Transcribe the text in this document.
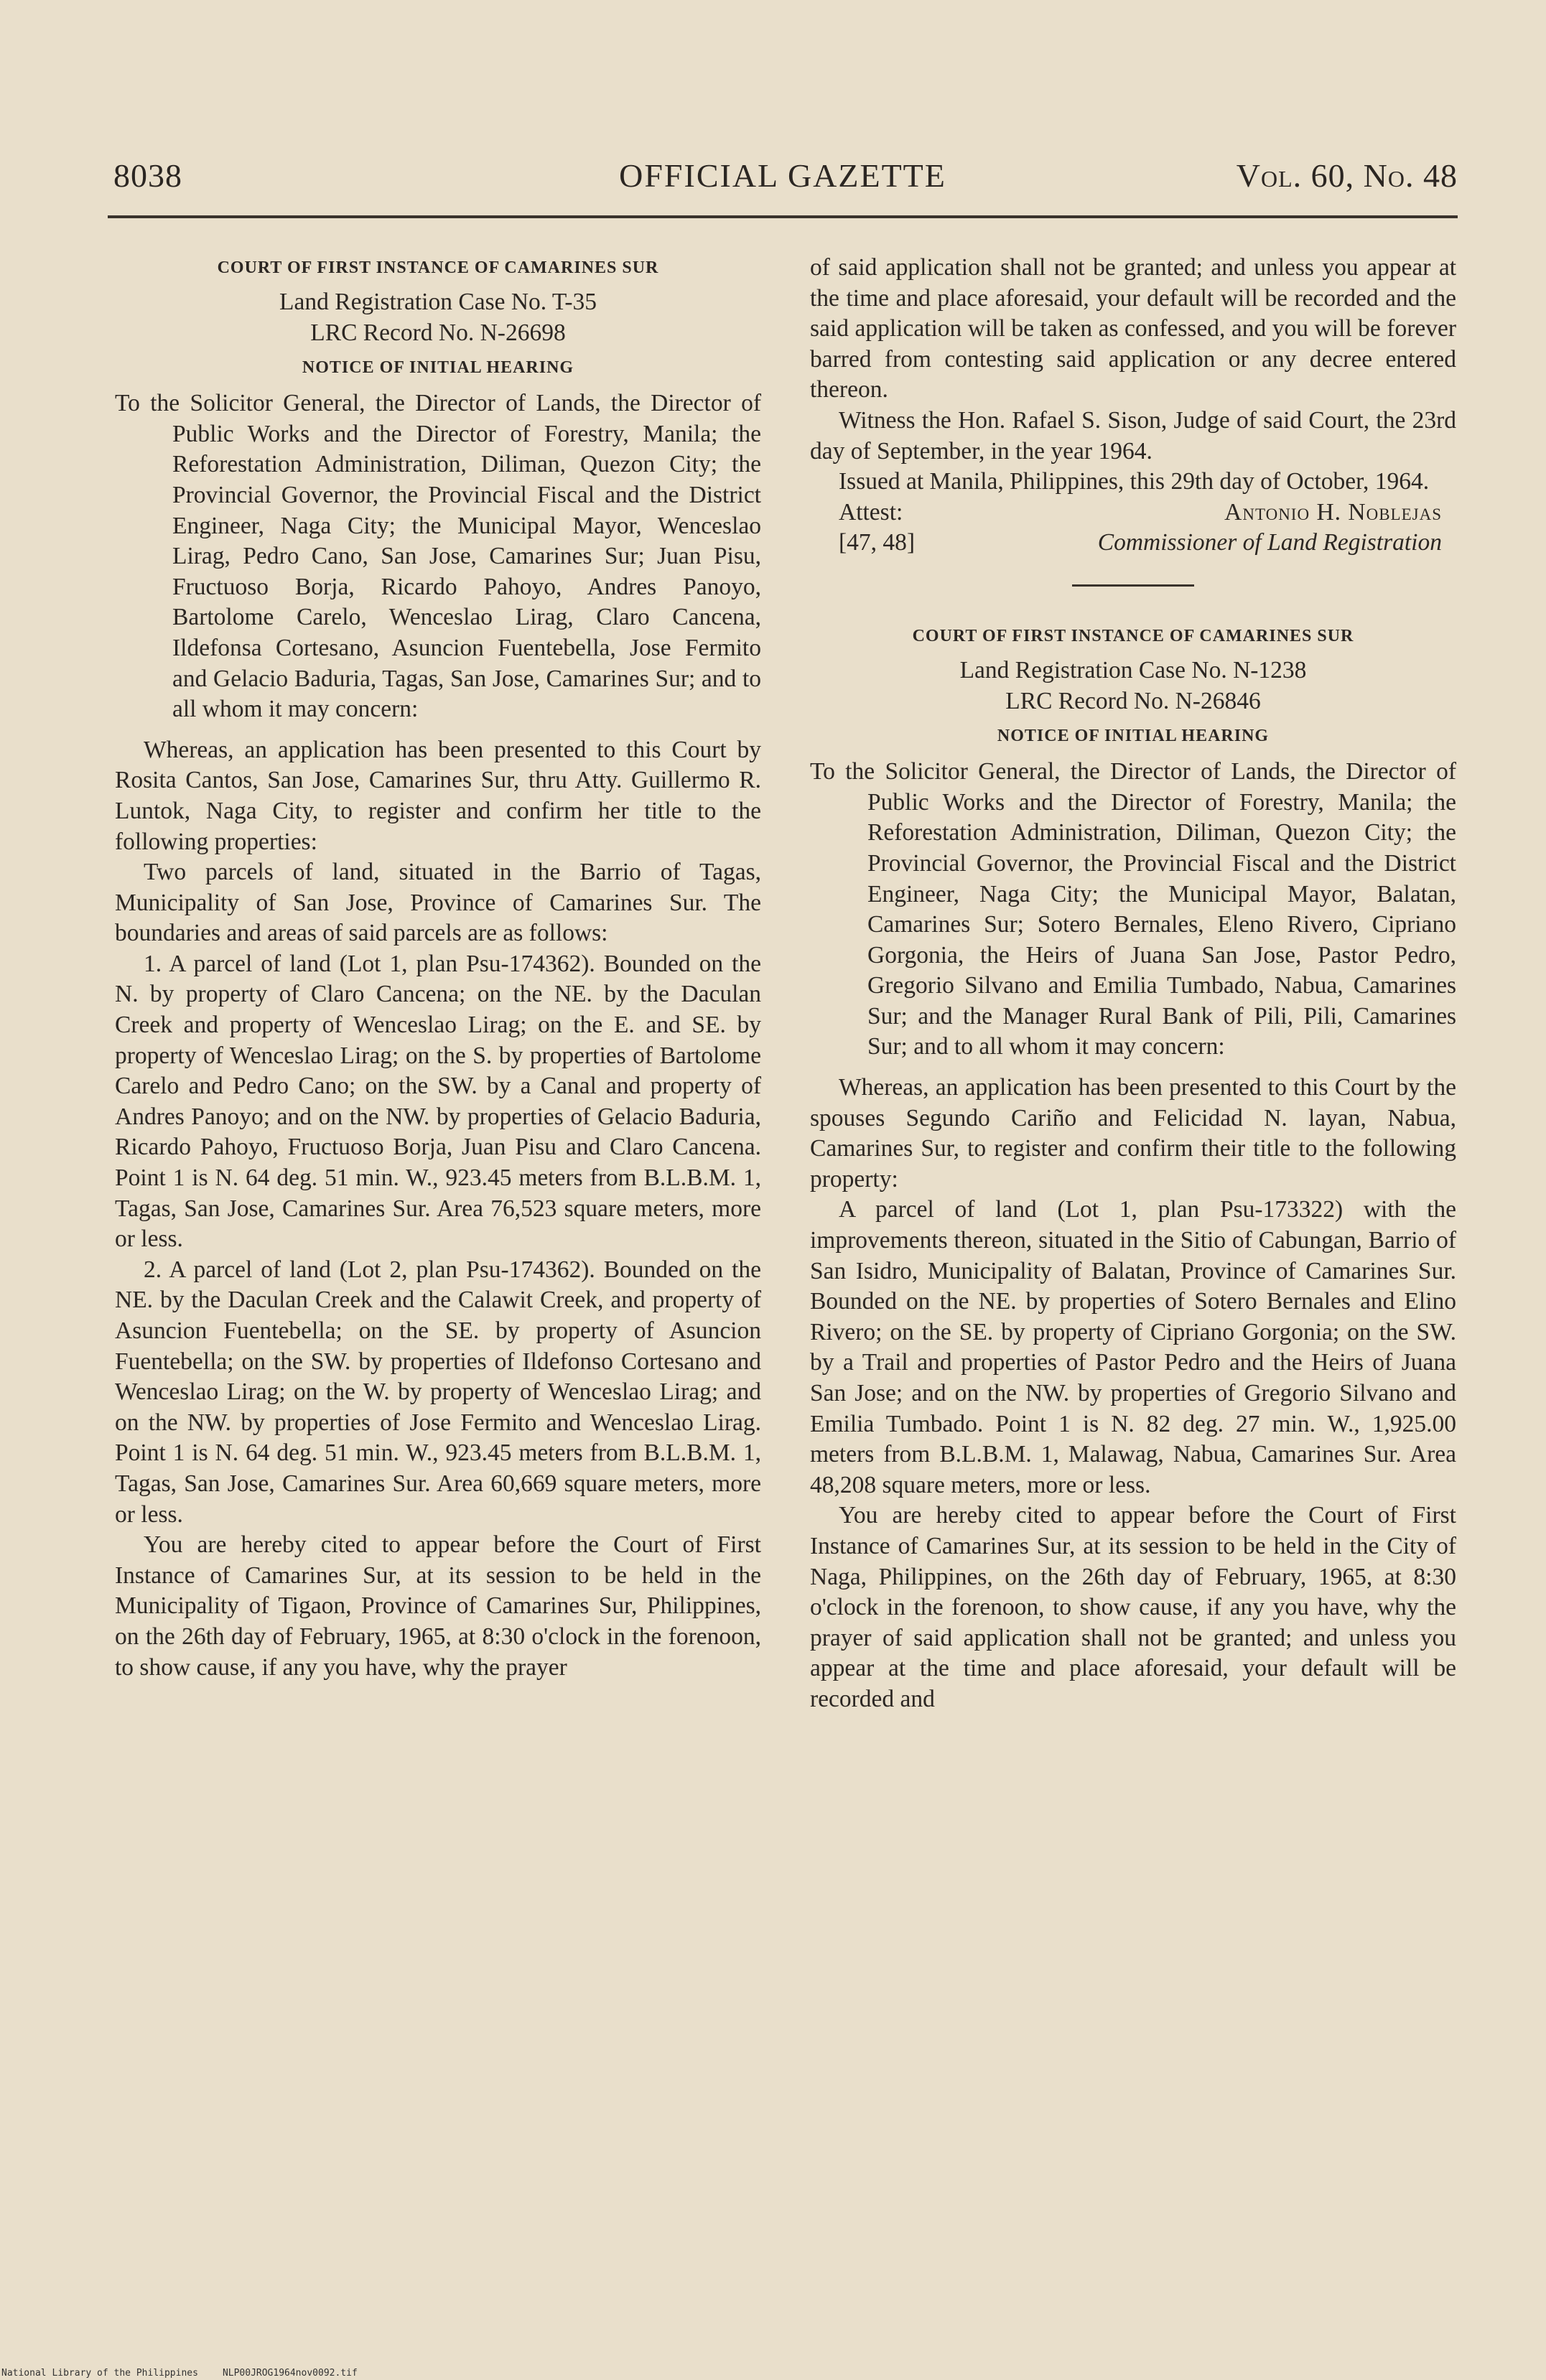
8038	OFFICIAL GAZETTE	Vol. 60, No. 48

COURT OF FIRST INSTANCE OF CAMARINES SUR

Land Registration Case No. T-35

LRC Record No. N-26698

NOTICE OF INITIAL HEARING

To the Solicitor General, the Director of Lands, the Director of Public Works and the Director of Forestry, Manila; the Reforestation Administration, Diliman, Quezon City; the Provincial Governor, the Provincial Fiscal and the District Engineer, Naga City; the Municipal Mayor, Wenceslao Lirag, Pedro Cano, San Jose, Camarines Sur; Juan Pisu, Fructuoso Borja, Ricardo Pahoyo, Andres Panoyo, Bartolome Carelo, Wenceslao Lirag, Claro Cancena, Ildefonsa Cortesano, Asuncion Fuentebella, Jose Fermito and Gelacio Baduria, Tagas, San Jose, Camarines Sur; and to all whom it may concern:

Whereas, an application has been presented to this Court by Rosita Cantos, San Jose, Camarines Sur, thru Atty. Guillermo R. Luntok, Naga City, to register and confirm her title to the following properties:

Two parcels of land, situated in the Barrio of Tagas, Municipality of San Jose, Province of Camarines Sur. The boundaries and areas of said parcels are as follows:

1. A parcel of land (Lot 1, plan Psu-174362). Bounded on the N. by property of Claro Cancena; on the NE. by the Daculan Creek and property of Wenceslao Lirag; on the E. and SE. by property of Wenceslao Lirag; on the S. by properties of Bartolome Carelo and Pedro Cano; on the SW. by a Canal and property of Andres Panoyo; and on the NW. by properties of Gelacio Baduria, Ricardo Pahoyo, Fructuoso Borja, Juan Pisu and Claro Cancena. Point 1 is N. 64 deg. 51 min. W., 923.45 meters from B.L.B.M. 1, Tagas, San Jose, Camarines Sur. Area 76,523 square meters, more or less.

2. A parcel of land (Lot 2, plan Psu-174362). Bounded on the NE. by the Daculan Creek and the Calawit Creek, and property of Asuncion Fuentebella; on the SE. by property of Asuncion Fuentebella; on the SW. by properties of Ildefonso Cortesano and Wenceslao Lirag; on the W. by property of Wenceslao Lirag; and on the NW. by properties of Jose Fermito and Wenceslao Lirag. Point 1 is N. 64 deg. 51 min. W., 923.45 meters from B.L.B.M. 1, Tagas, San Jose, Camarines Sur. Area 60,669 square meters, more or less.

You are hereby cited to appear before the Court of First Instance of Camarines Sur, at its session to be held in the Municipality of Tigaon, Province of Camarines Sur, Philippines, on the 26th day of February, 1965, at 8:30 o'clock in the forenoon, to show cause, if any you have, why the prayer

of said application shall not be granted; and unless you appear at the time and place aforesaid, your default will be recorded and the said application will be taken as confessed, and you will be forever barred from contesting said application or any decree entered thereon.

Witness the Hon. Rafael S. Sison, Judge of said Court, the 23rd day of September, in the year 1964.

Issued at Manila, Philippines, this 29th day of October, 1964.

Attest:	Antonio H. Noblejas
[47, 48]	Commissioner of Land Registration

COURT OF FIRST INSTANCE OF CAMARINES SUR

Land Registration Case No. N-1238

LRC Record No. N-26846

NOTICE OF INITIAL HEARING

To the Solicitor General, the Director of Lands, the Director of Public Works and the Director of Forestry, Manila; the Reforestation Administration, Diliman, Quezon City; the Provincial Governor, the Provincial Fiscal and the District Engineer, Naga City; the Municipal Mayor, Balatan, Camarines Sur; Sotero Bernales, Eleno Rivero, Cipriano Gorgonia, the Heirs of Juana San Jose, Pastor Pedro, Gregorio Silvano and Emilia Tumbado, Nabua, Camarines Sur; and the Manager Rural Bank of Pili, Pili, Camarines Sur; and to all whom it may concern:

Whereas, an application has been presented to this Court by the spouses Segundo Cariño and Felicidad N. layan, Nabua, Camarines Sur, to register and confirm their title to the following property:

A parcel of land (Lot 1, plan Psu-173322) with the improvements thereon, situated in the Sitio of Cabungan, Barrio of San Isidro, Municipality of Balatan, Province of Camarines Sur. Bounded on the NE. by properties of Sotero Bernales and Elino Rivero; on the SE. by property of Cipriano Gorgonia; on the SW. by a Trail and properties of Pastor Pedro and the Heirs of Juana San Jose; and on the NW. by properties of Gregorio Silvano and Emilia Tumbado. Point 1 is N. 82 deg. 27 min. W., 1,925.00 meters from B.L.B.M. 1, Malawag, Nabua, Camarines Sur. Area 48,208 square meters, more or less.

You are hereby cited to appear before the Court of First Instance of Camarines Sur, at its session to be held in the City of Naga, Philippines, on the 26th day of February, 1965, at 8:30 o'clock in the forenoon, to show cause, if any you have, why the prayer of said application shall not be granted; and unless you appear at the time and place aforesaid, your default will be recorded and

National Library of the Philippines	NLP00JROG1964nov0092.tif
